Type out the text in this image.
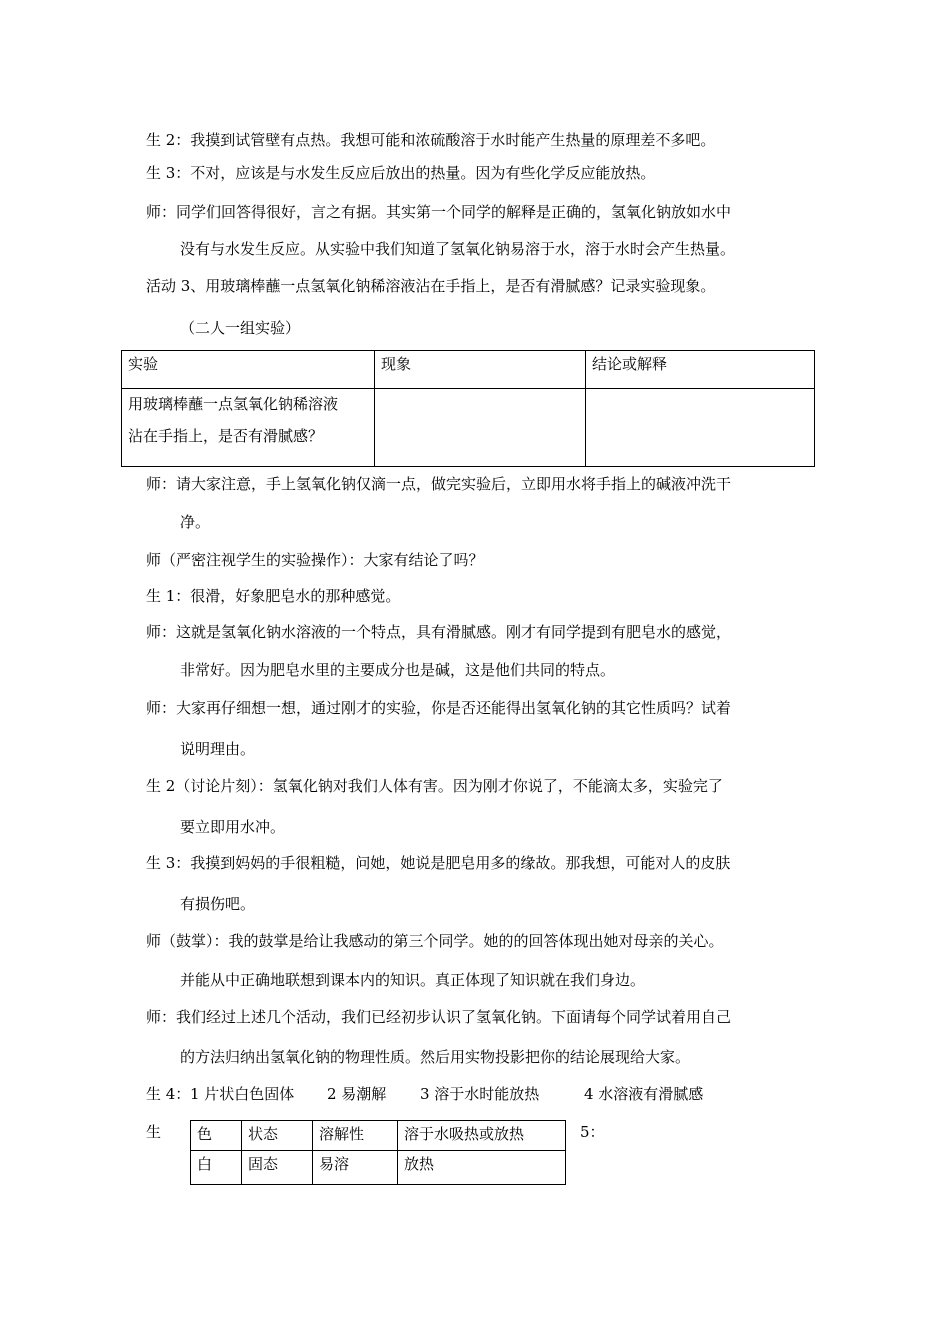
生 2：我摸到试管壁有点热。我想可能和浓硫酸溶于水时能产生热量的原理差不多吧。
生 3：不对，应该是与水发生反应后放出的热量。因为有些化学反应能放热。
师：同学们回答得很好，言之有据。其实第一个同学的解释是正确的，氢氧化钠放如水中
没有与水发生反应。从实验中我们知道了氢氧化钠易溶于水，溶于水时会产生热量。
活动 3、用玻璃棒蘸一点氢氧化钠稀溶液沾在手指上，是否有滑腻感？记录实验现象。
（二人一组实验）
实验	现象	结论或解释

用玻璃棒蘸一点氢氧化钠稀溶液
沾在手指上，是否有滑腻感？		

师：请大家注意，手上氢氧化钠仅滴一点，做完实验后，立即用水将手指上的碱液冲洗干
净。
师（严密注视学生的实验操作）：大家有结论了吗？
生 1：很滑，好象肥皂水的那种感觉。
师：这就是氢氧化钠水溶液的一个特点，具有滑腻感。刚才有同学提到有肥皂水的感觉，
非常好。因为肥皂水里的主要成分也是碱，这是他们共同的特点。
师：大家再仔细想一想，通过刚才的实验，你是否还能得出氢氧化钠的其它性质吗？试着
说明理由。
生 2（讨论片刻）：氢氧化钠对我们人体有害。因为刚才你说了，不能滴太多，实验完了
要立即用水冲。
生 3：我摸到妈妈的手很粗糙，问她，她说是肥皂用多的缘故。那我想，可能对人的皮肤
有损伤吧。
师（鼓掌）：我的鼓掌是给让我感动的第三个同学。她的的回答体现出她对母亲的关心。
并能从中正确地联想到课本内的知识。真正体现了知识就在我们身边。
师：我们经过上述几个活动，我们已经初步认识了氢氧化钠。下面请每个同学试着用自己
的方法归纳出氢氧化钠的物理性质。然后用实物投影把你的结论展现给大家。
生 4： 1 片状白色固体 2 易潮解 3 溶于水时能放热	4 水溶液有滑腻感
生 色	状态	溶解性	溶于水吸热或放热
白	固态	易溶	放热
5：
